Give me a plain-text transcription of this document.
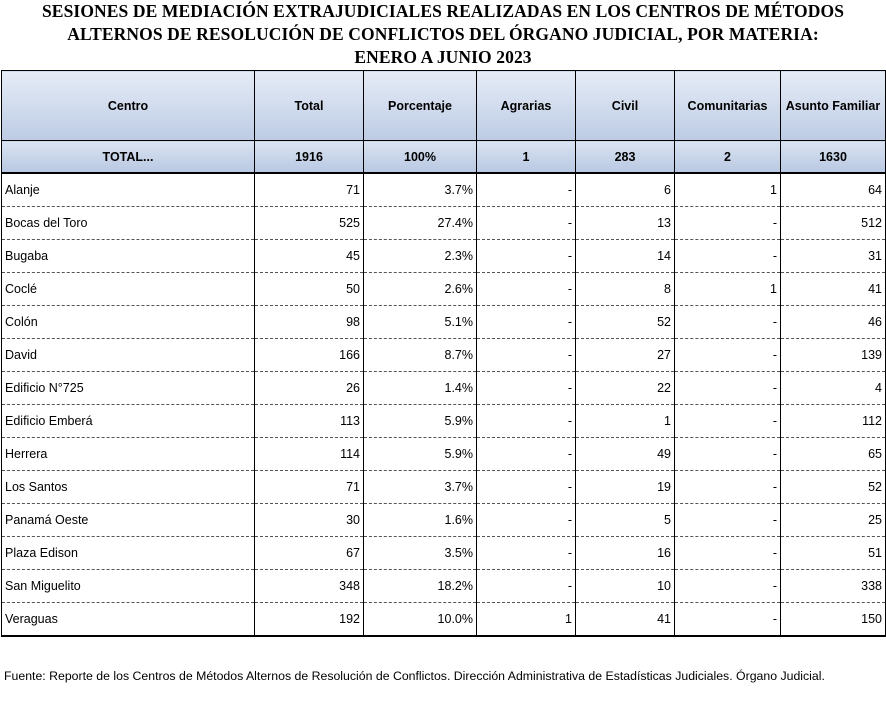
SESIONES DE MEDIACIÓN EXTRAJUDICIALES REALIZADAS EN LOS CENTROS DE MÉTODOS
ALTERNOS DE RESOLUCIÓN DE CONFLICTOS DEL ÓRGANO JUDICIAL, POR MATERIA:
ENERO A JUNIO 2023
Centro	Total	Porcentaje	Agrarias	Civil	Comunitarias	Asunto Familiar
TOTAL...	1916	100%	1	283	2	1630
Alanje	71	3.7%	-	6	1	64
Bocas del Toro	525	27.4%	-	13	-	512
Bugaba	45	2.3%	-	14	-	31
Coclé	50	2.6%	-	8	1	41
Colón	98	5.1%	-	52	-	46
David	166	8.7%	-	27	-	139
Edificio N°725	26	1.4%	-	22	-	4
Edificio Emberá	113	5.9%	-	1	-	112
Herrera	114	5.9%	-	49	-	65
Los Santos	71	3.7%	-	19	-	52
Panamá Oeste	30	1.6%	-	5	-	25
Plaza Edison	67	3.5%	-	16	-	51
San Miguelito	348	18.2%	-	10	-	338
Veraguas	192	10.0%	1	41	-	150
Fuente: Reporte de los Centros de Métodos Alternos de Resolución de Conflictos. Dirección Administrativa de Estadísticas Judiciales. Órgano Judicial.
